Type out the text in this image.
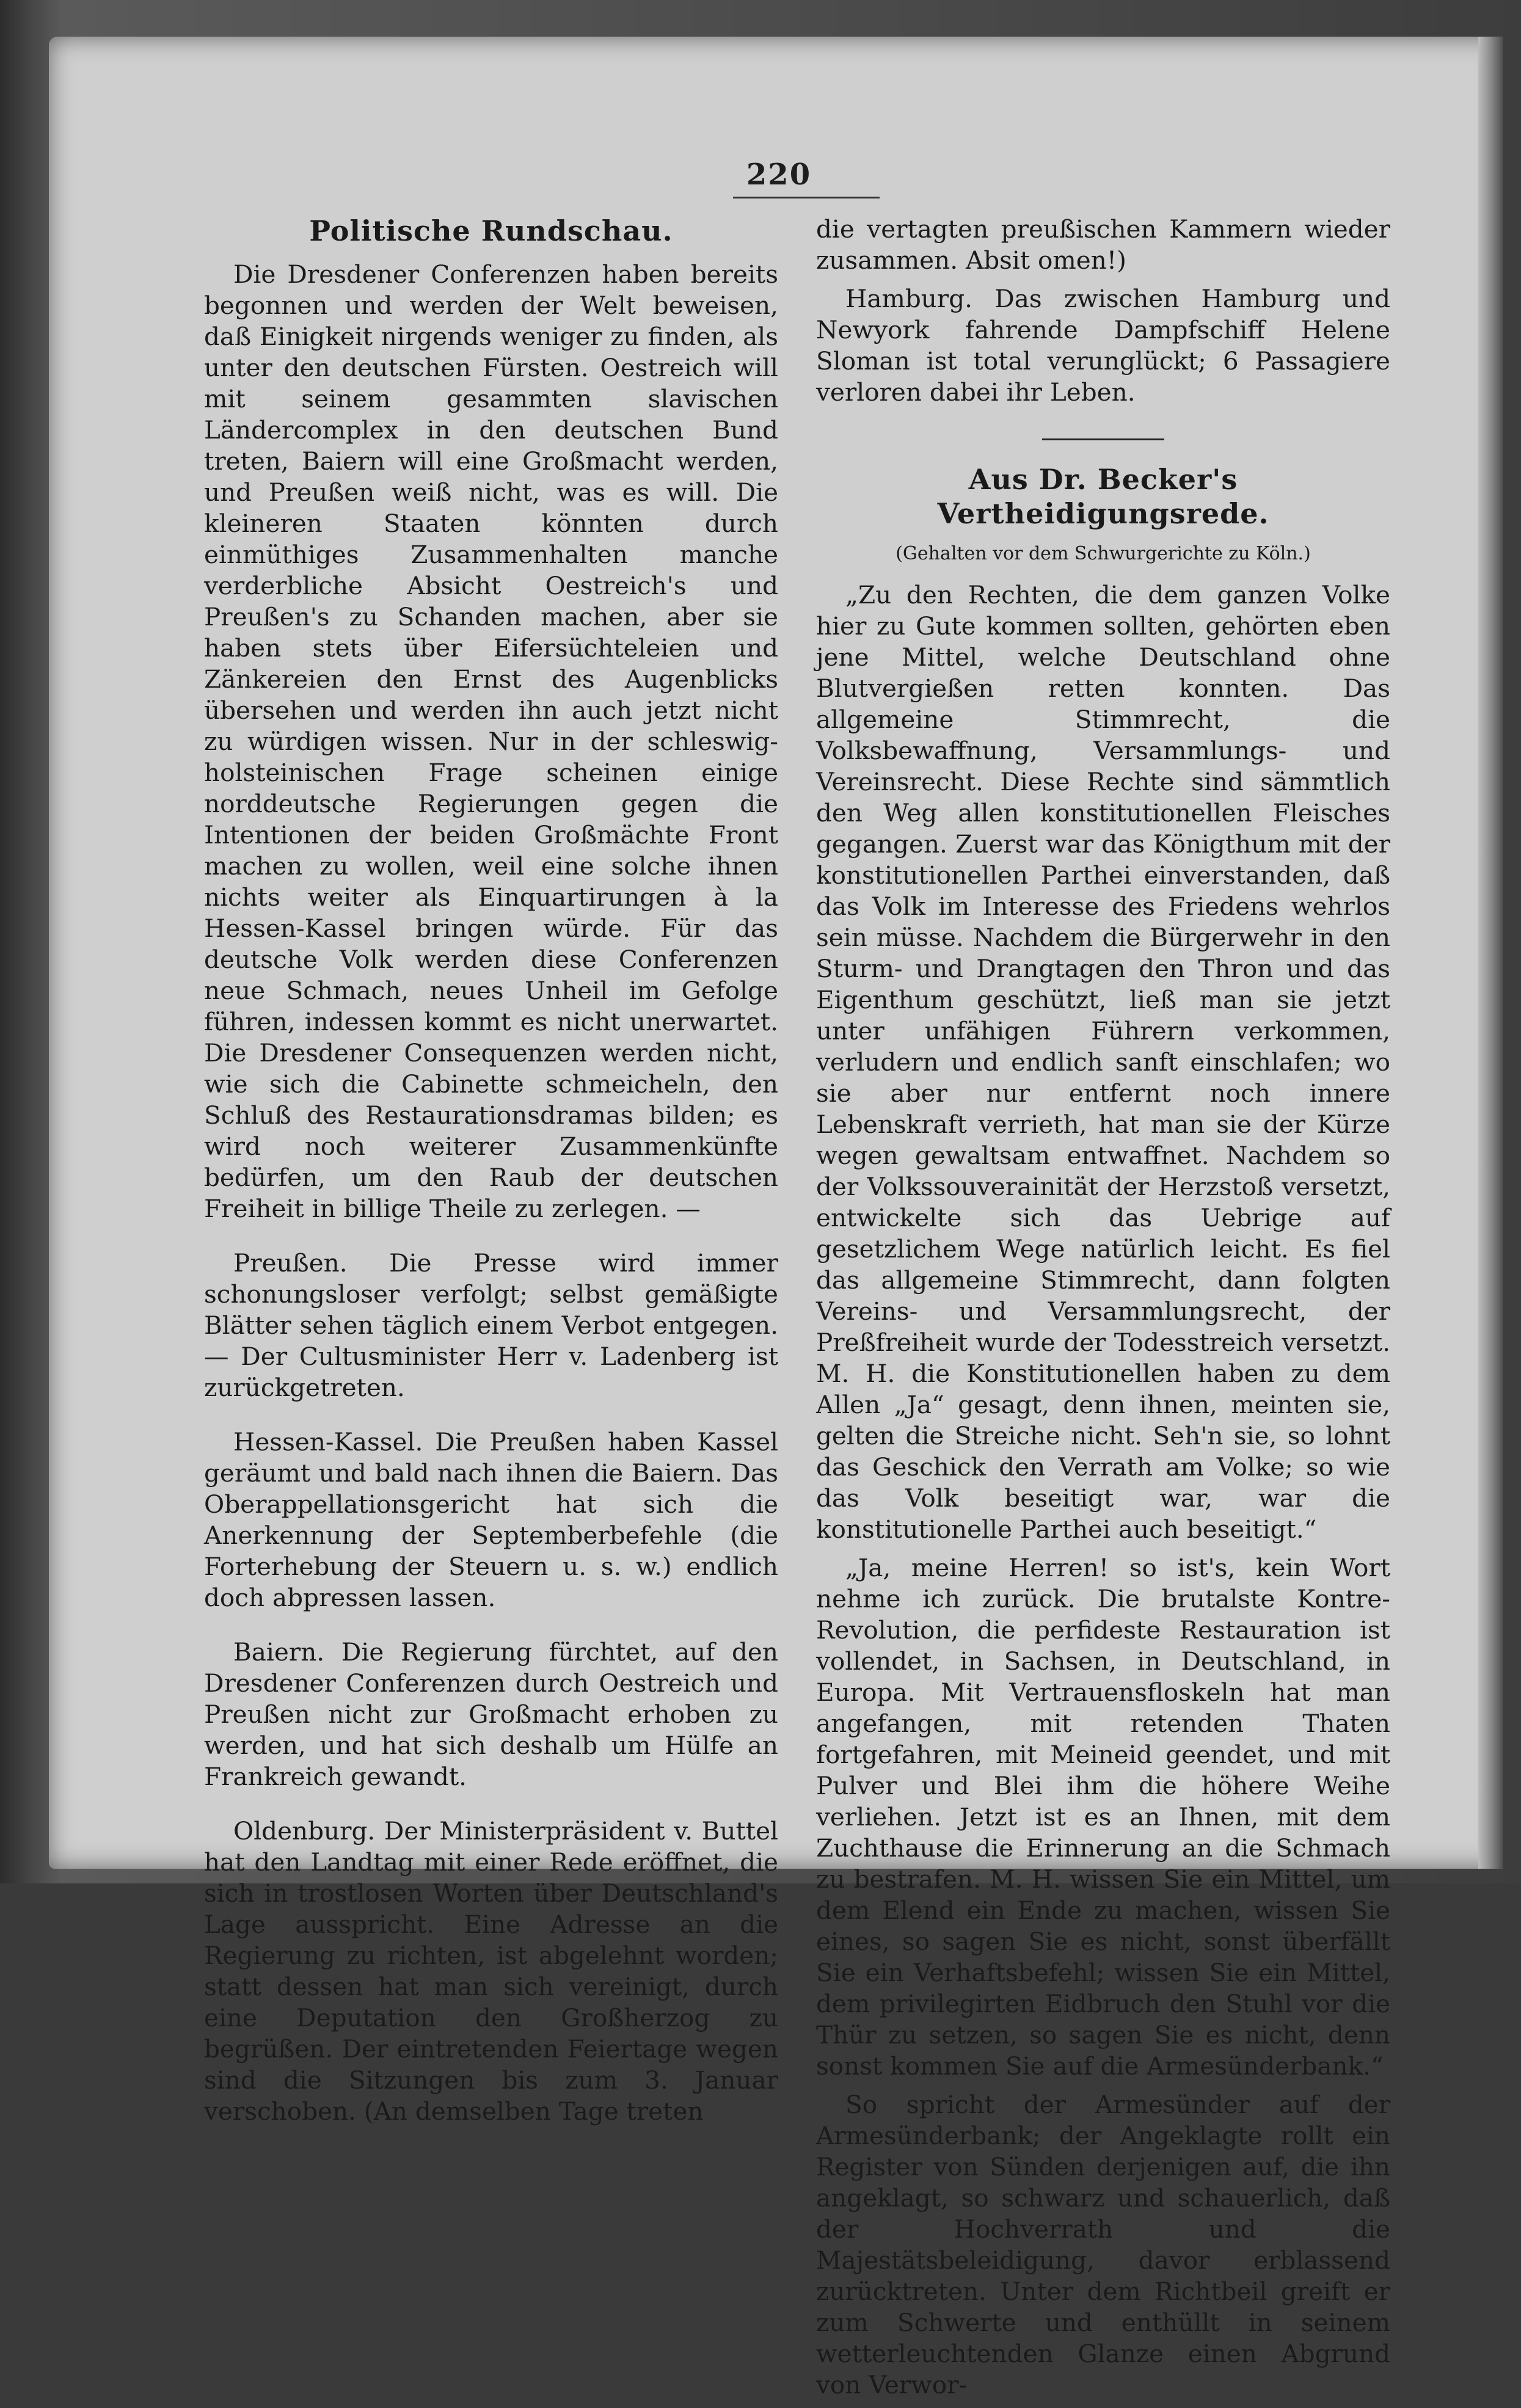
220
Politische Rundschau.

Die Dresdener Conferenzen haben bereits begonnen und werden der Welt beweisen, daß Einigkeit nirgends weniger zu finden, als unter den deutschen Fürsten. Oestreich will mit seinem gesammten slavischen Ländercomplex in den deutschen Bund treten, Baiern will eine Großmacht werden, und Preußen weiß nicht, was es will. Die kleineren Staaten könnten durch einmüthiges Zusammenhalten manche verderbliche Absicht Oestreich's und Preußen's zu Schanden machen, aber sie haben stets über Eifersüchteleien und Zänkereien den Ernst des Augenblicks übersehen und werden ihn auch jetzt nicht zu würdigen wissen. Nur in der schleswig-holsteinischen Frage scheinen einige norddeutsche Regierungen gegen die Intentionen der beiden Großmächte Front machen zu wollen, weil eine solche ihnen nichts weiter als Einquartirungen à la Hessen-Kassel bringen würde. Für das deutsche Volk werden diese Conferenzen neue Schmach, neues Unheil im Gefolge führen, indessen kommt es nicht unerwartet. Die Dresdener Consequenzen werden nicht, wie sich die Cabinette schmeicheln, den Schluß des Restaurationsdramas bilden; es wird noch weiterer Zusammenkünfte bedürfen, um den Raub der deutschen Freiheit in billige Theile zu zerlegen. —

Preußen. Die Presse wird immer schonungsloser verfolgt; selbst gemäßigte Blätter sehen täglich einem Verbot entgegen. — Der Cultusminister Herr v. Ladenberg ist zurückgetreten.

Hessen-Kassel. Die Preußen haben Kassel geräumt und bald nach ihnen die Baiern. Das Oberappellationsgericht hat sich die Anerkennung der Septemberbefehle (die Forterhebung der Steuern u. s. w.) endlich doch abpressen lassen.

Baiern. Die Regierung fürchtet, auf den Dresdener Conferenzen durch Oestreich und Preußen nicht zur Großmacht erhoben zu werden, und hat sich deshalb um Hülfe an Frankreich gewandt.

Oldenburg. Der Ministerpräsident v. Buttel hat den Landtag mit einer Rede eröffnet, die sich in trostlosen Worten über Deutschland's Lage ausspricht. Eine Adresse an die Regierung zu richten, ist abgelehnt worden; statt dessen hat man sich vereinigt, durch eine Deputation den Großherzog zu begrüßen. Der eintretenden Feiertage wegen sind die Sitzungen bis zum 3. Januar verschoben. (An demselben Tage treten

die vertagten preußischen Kammern wieder zusammen. Absit omen!)

Hamburg. Das zwischen Hamburg und Newyork fahrende Dampfschiff Helene Sloman ist total verunglückt; 6 Passagiere verloren dabei ihr Leben.

Aus Dr. Becker's Vertheidigungsrede.
(Gehalten vor dem Schwurgerichte zu Köln.)

„Zu den Rechten, die dem ganzen Volke hier zu Gute kommen sollten, gehörten eben jene Mittel, welche Deutschland ohne Blutvergießen retten konnten. Das allgemeine Stimmrecht, die Volksbewaffnung, Versammlungs- und Vereinsrecht. Diese Rechte sind sämmtlich den Weg allen konstitutionellen Fleisches gegangen. Zuerst war das Königthum mit der konstitutionellen Parthei einverstanden, daß das Volk im Interesse des Friedens wehrlos sein müsse. Nachdem die Bürgerwehr in den Sturm- und Drangtagen den Thron und das Eigenthum geschützt, ließ man sie jetzt unter unfähigen Führern verkommen, verludern und endlich sanft einschlafen; wo sie aber nur entfernt noch innere Lebenskraft verrieth, hat man sie der Kürze wegen gewaltsam entwaffnet. Nachdem so der Volkssouverainität der Herzstoß versetzt, entwickelte sich das Uebrige auf gesetzlichem Wege natürlich leicht. Es fiel das allgemeine Stimmrecht, dann folgten Vereins- und Versammlungsrecht, der Preßfreiheit wurde der Todesstreich versetzt. M. H. die Konstitutionellen haben zu dem Allen „Ja“ gesagt, denn ihnen, meinten sie, gelten die Streiche nicht. Seh'n sie, so lohnt das Geschick den Verrath am Volke; so wie das Volk beseitigt war, war die konstitutionelle Parthei auch beseitigt.“

„Ja, meine Herren! so ist's, kein Wort nehme ich zurück. Die brutalste Kontre-Revolution, die perfideste Restauration ist vollendet, in Sachsen, in Deutschland, in Europa. Mit Vertrauensfloskeln hat man angefangen, mit retenden Thaten fortgefahren, mit Meineid geendet, und mit Pulver und Blei ihm die höhere Weihe verliehen. Jetzt ist es an Ihnen, mit dem Zuchthause die Erinnerung an die Schmach zu bestrafen. M. H. wissen Sie ein Mittel, um dem Elend ein Ende zu machen, wissen Sie eines, so sagen Sie es nicht, sonst überfällt Sie ein Verhaftsbefehl; wissen Sie ein Mittel, dem privilegirten Eidbruch den Stuhl vor die Thür zu setzen, so sagen Sie es nicht, denn sonst kommen Sie auf die Armesünderbank.“

So spricht der Armesünder auf der Armesünderbank; der Angeklagte rollt ein Register von Sünden derjenigen auf, die ihn angeklagt, so schwarz und schauerlich, daß der Hochverrath und die Majestätsbeleidigung, davor erblassend zurücktreten. Unter dem Richtbeil greift er zum Schwerte und enthüllt in seinem wetterleuchtenden Glanze einen Abgrund von Verwor-
